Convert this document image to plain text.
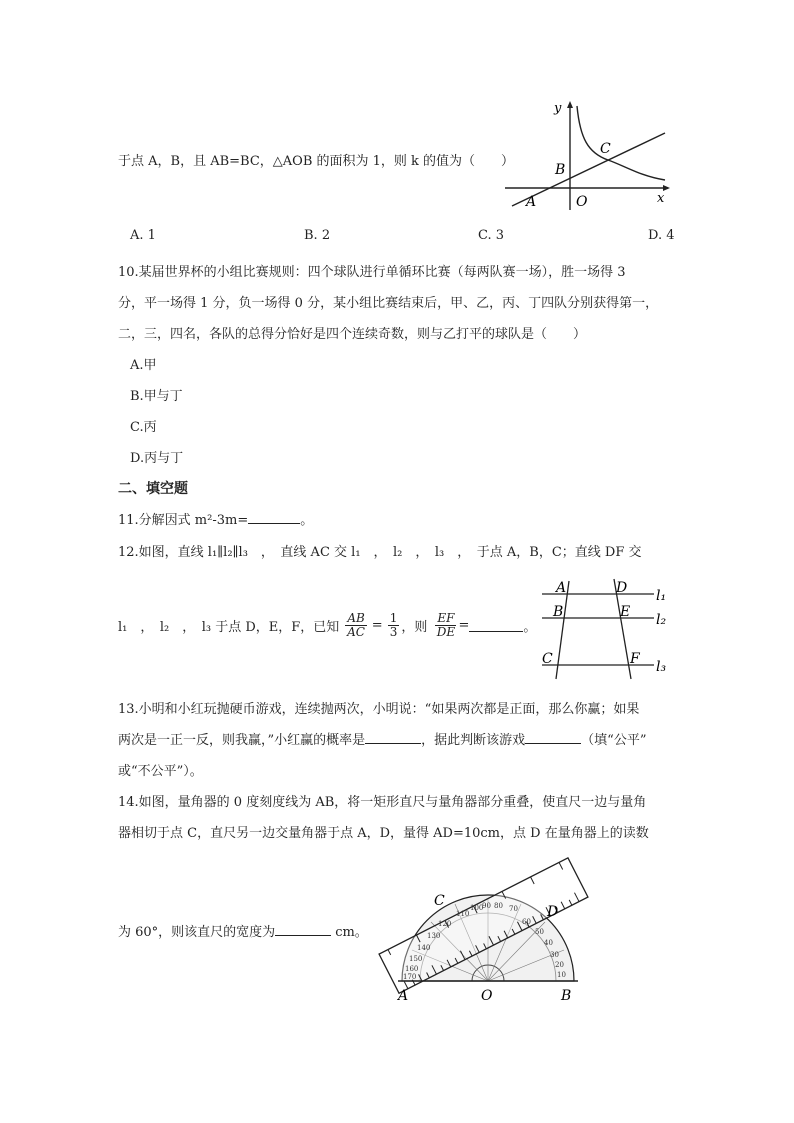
y
x
A	O
B
C
于点 A，B，且 AB=BC，△AOB 的面积为 1，则 k 的值为（　　）
A. 1	B. 2	C. 3	D. 4
10.某届世界杯的小组比赛规则：四个球队进行单循环比赛（每两队赛一场），胜一场得 3
分，平一场得 1 分，负一场得 0 分，某小组比赛结束后，甲、乙，丙、丁四队分别获得第一，
二，三，四名，各队的总得分恰好是四个连续奇数，则与乙打平的球队是（　　）
A.甲
B.甲与丁
C.丙
D.丙与丁
二、填空题
11.分解因式 m²-3m=	。
12.如图，直线 l₁∥l₂∥l₃　，　直线 AC 交 l₁　，　l₂　，　l₃　，　于点 A，B，C；直线 DF 交
A	D
B	E
C	F
l₁
l₂
l₃
l₁　，　l₂　，　l₃ 于点 D，E，F，已知 $\frac{AB}{AC} = \frac{1}{3}$ ，则 $\frac{EF}{DE}$ =	。
13.小明和小红玩抛硬币游戏，连续抛两次，小明说：“如果两次都是正面，那么你赢；如果
两次是一正一反，则我赢，”小红赢的概率是	，据此判断该游戏	（填“公平”
或“不公平”）。
14.如图，量角器的 0 度刻度线为 AB，将一矩形直尺与量角器部分重叠，使直尺一边与量角
器相切于点 C，直尺另一边交量角器于点 A，D，量得 AD=10cm，点 D 在量角器上的读数
110
100
90 80 70
60
50
40
30
20
10
120
130
140
150
160
170
C
D
A	O	B
为 60°，则该直尺的宽度为	cm。
